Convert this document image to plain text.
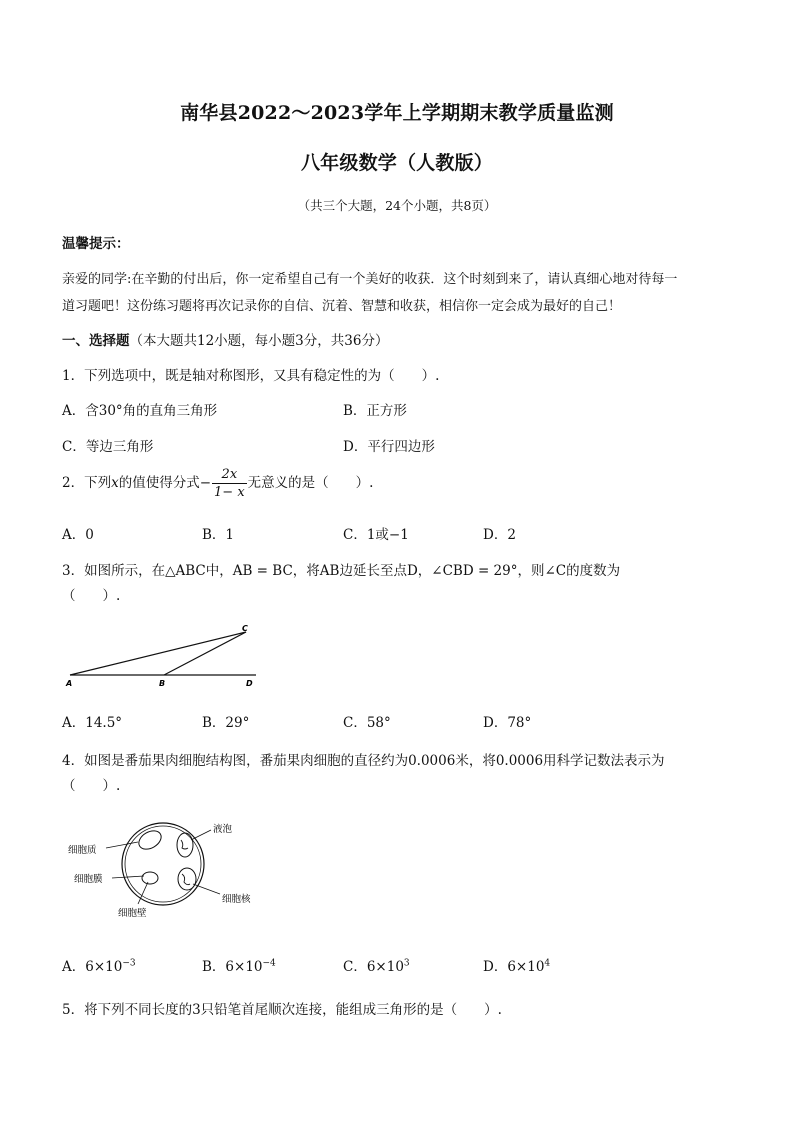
南华县2022～2023学年上学期期末教学质量监测
八年级数学（人教版）
（共三个大题，24个小题，共8页）
温馨提示：
亲爱的同学:在辛勤的付出后，你一定希望自己有一个美好的收获．这个时刻到来了，请认真细心地对待每一
道习题吧！这份练习题将再次记录你的自信、沉着、智慧和收获，相信你一定会成为最好的自己！
一、选择题（本大题共12小题，每小题3分，共36分）
1．下列选项中，既是轴对称图形，又具有稳定性的为（　　）.
A．含30°角的直角三角形	B．正方形
C．等边三角形	D．平行四边形
2．下列x的值使得分式− $\frac{2x}{1- x}$ 无意义的是（　　）.
A．0	B．1	C．1或−1	D．2
3．如图所示，在△ABC中，AB = BC，将AB边延长至点D，∠CBD = 29°，则∠C的度数为
（　　）.
A	B
C
D
A．14.5°	B．29°	C．58°	D．78°
4．如图是番茄果肉细胞结构图，番茄果肉细胞的直径约为0.0006米，将0.0006用科学记数法表示为
（　　）.
细胞质
细胞膜
细胞壁
液泡
细胞核
A．$6\times 10^{-3}$	B．$6\times 10^{-4}$	C．$6\times 10^3$	D．$6\times 10^4$
5．将下列不同长度的3只铅笔首尾顺次连接，能组成三角形的是（　　）.
